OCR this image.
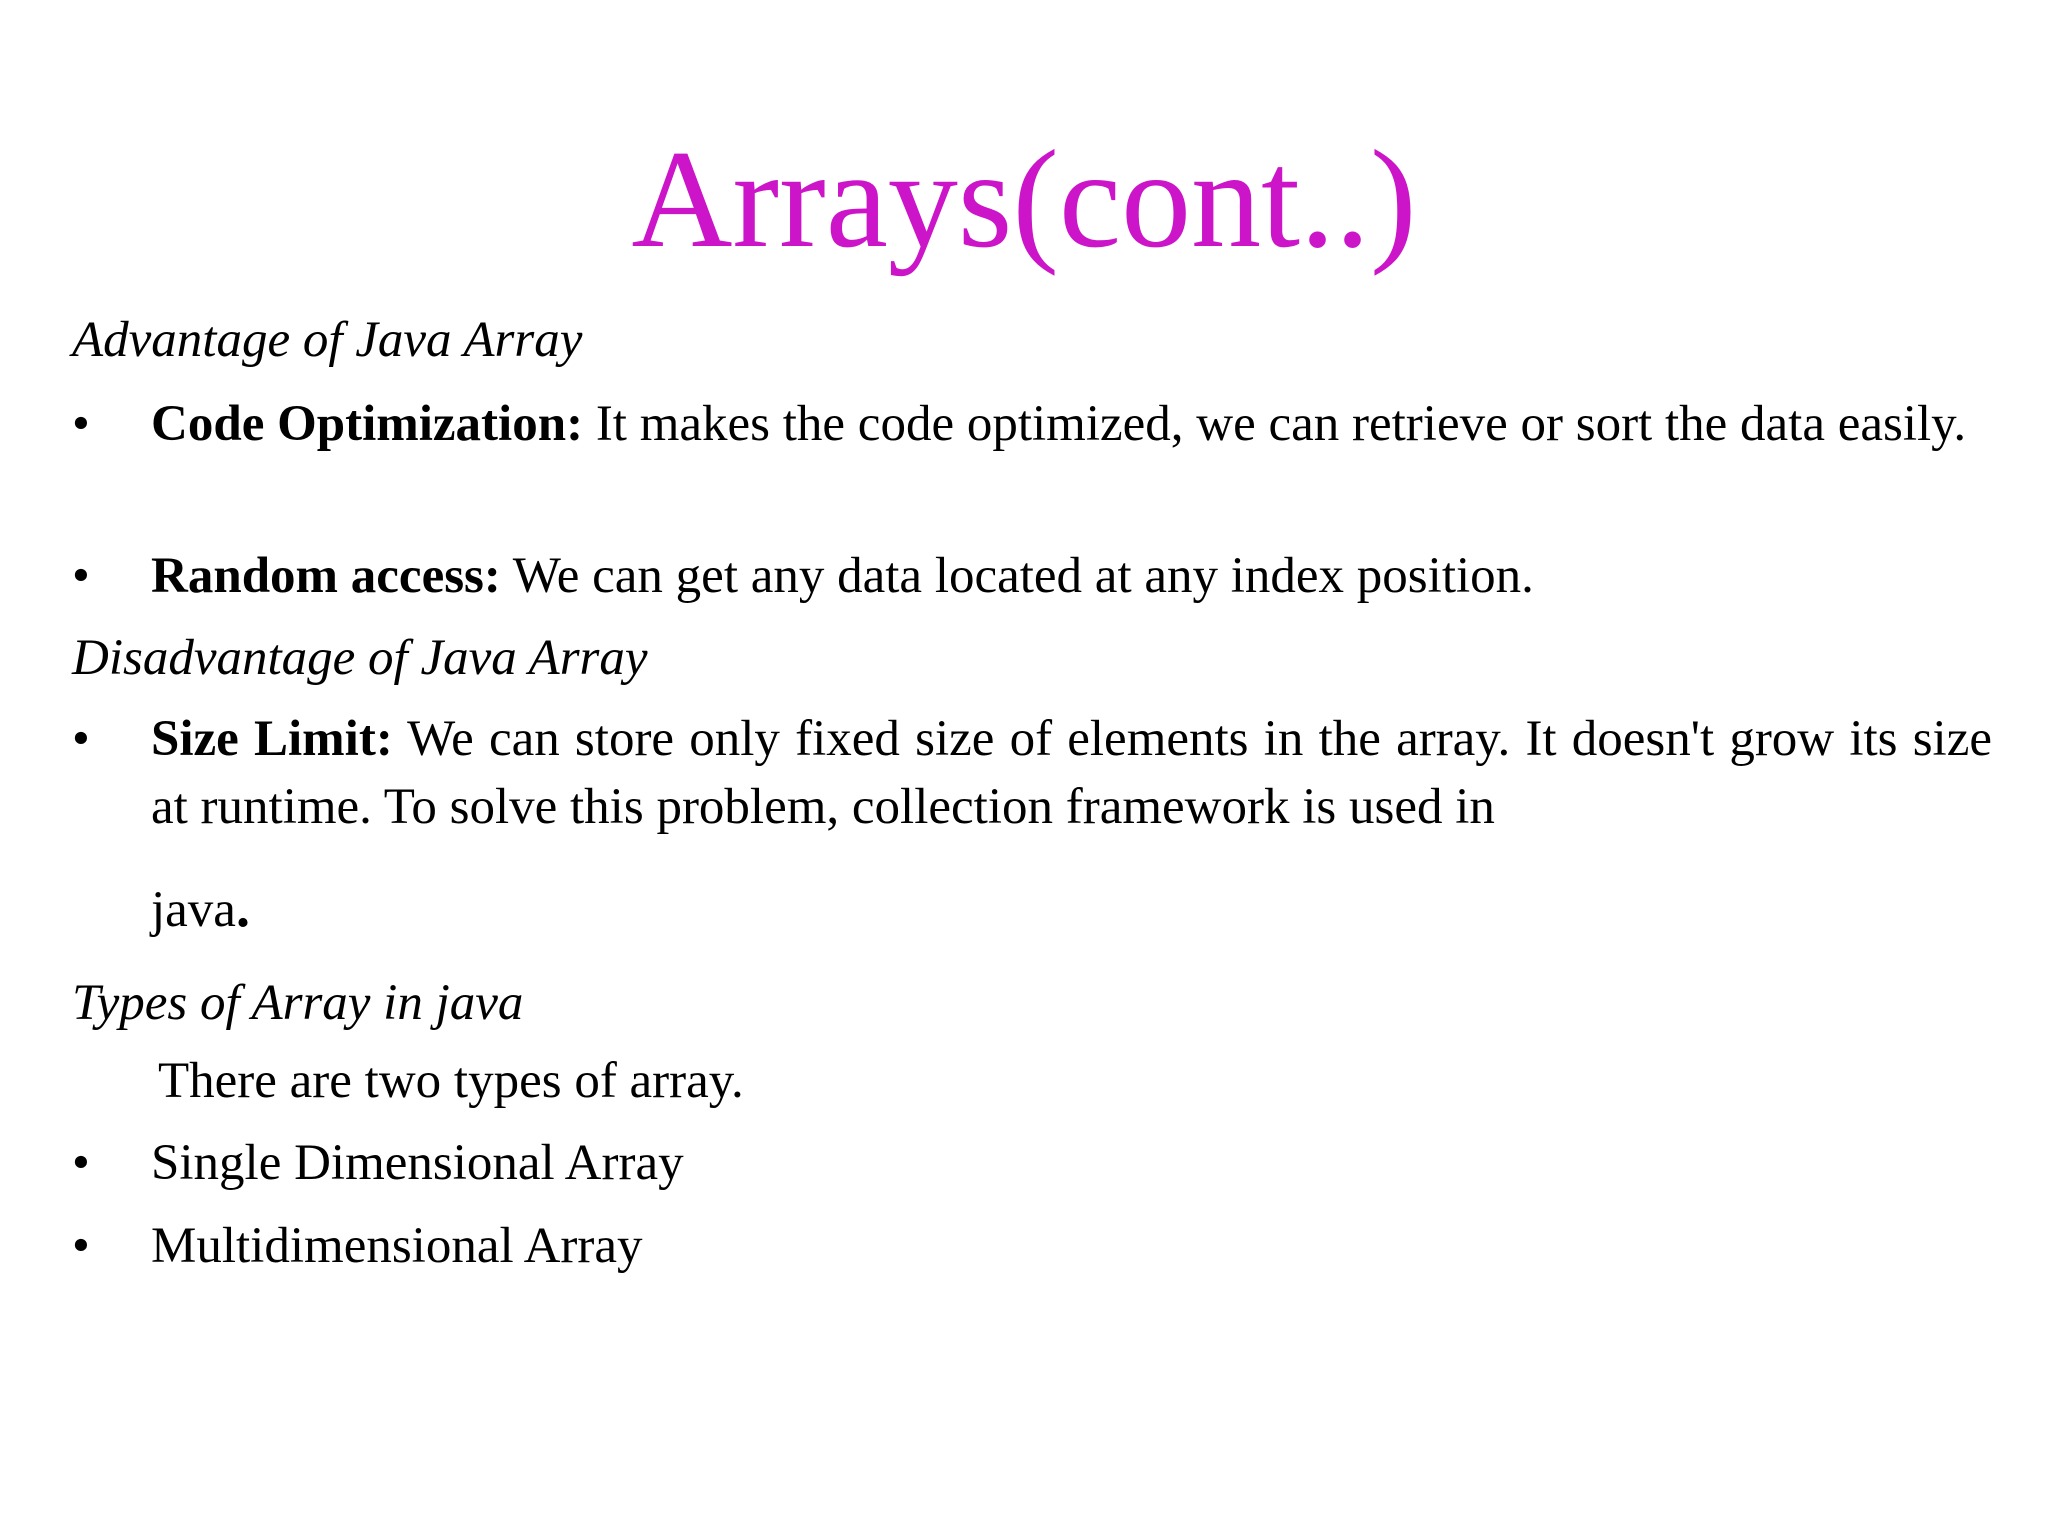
Arrays(cont..)
Advantage of Java Array
•	Code Optimization: It makes the code optimized, we can retrieve or sort the data easily.
•	Random access: We can get any data located at any index position.
Disadvantage of Java Array
•	Size Limit: We can store only fixed size of elements in the array. It doesn't grow its size at runtime. To solve this problem, collection framework is used in
java.
Types of Array in java
There are two types of array.
•	Single Dimensional Array
•	Multidimensional Array
